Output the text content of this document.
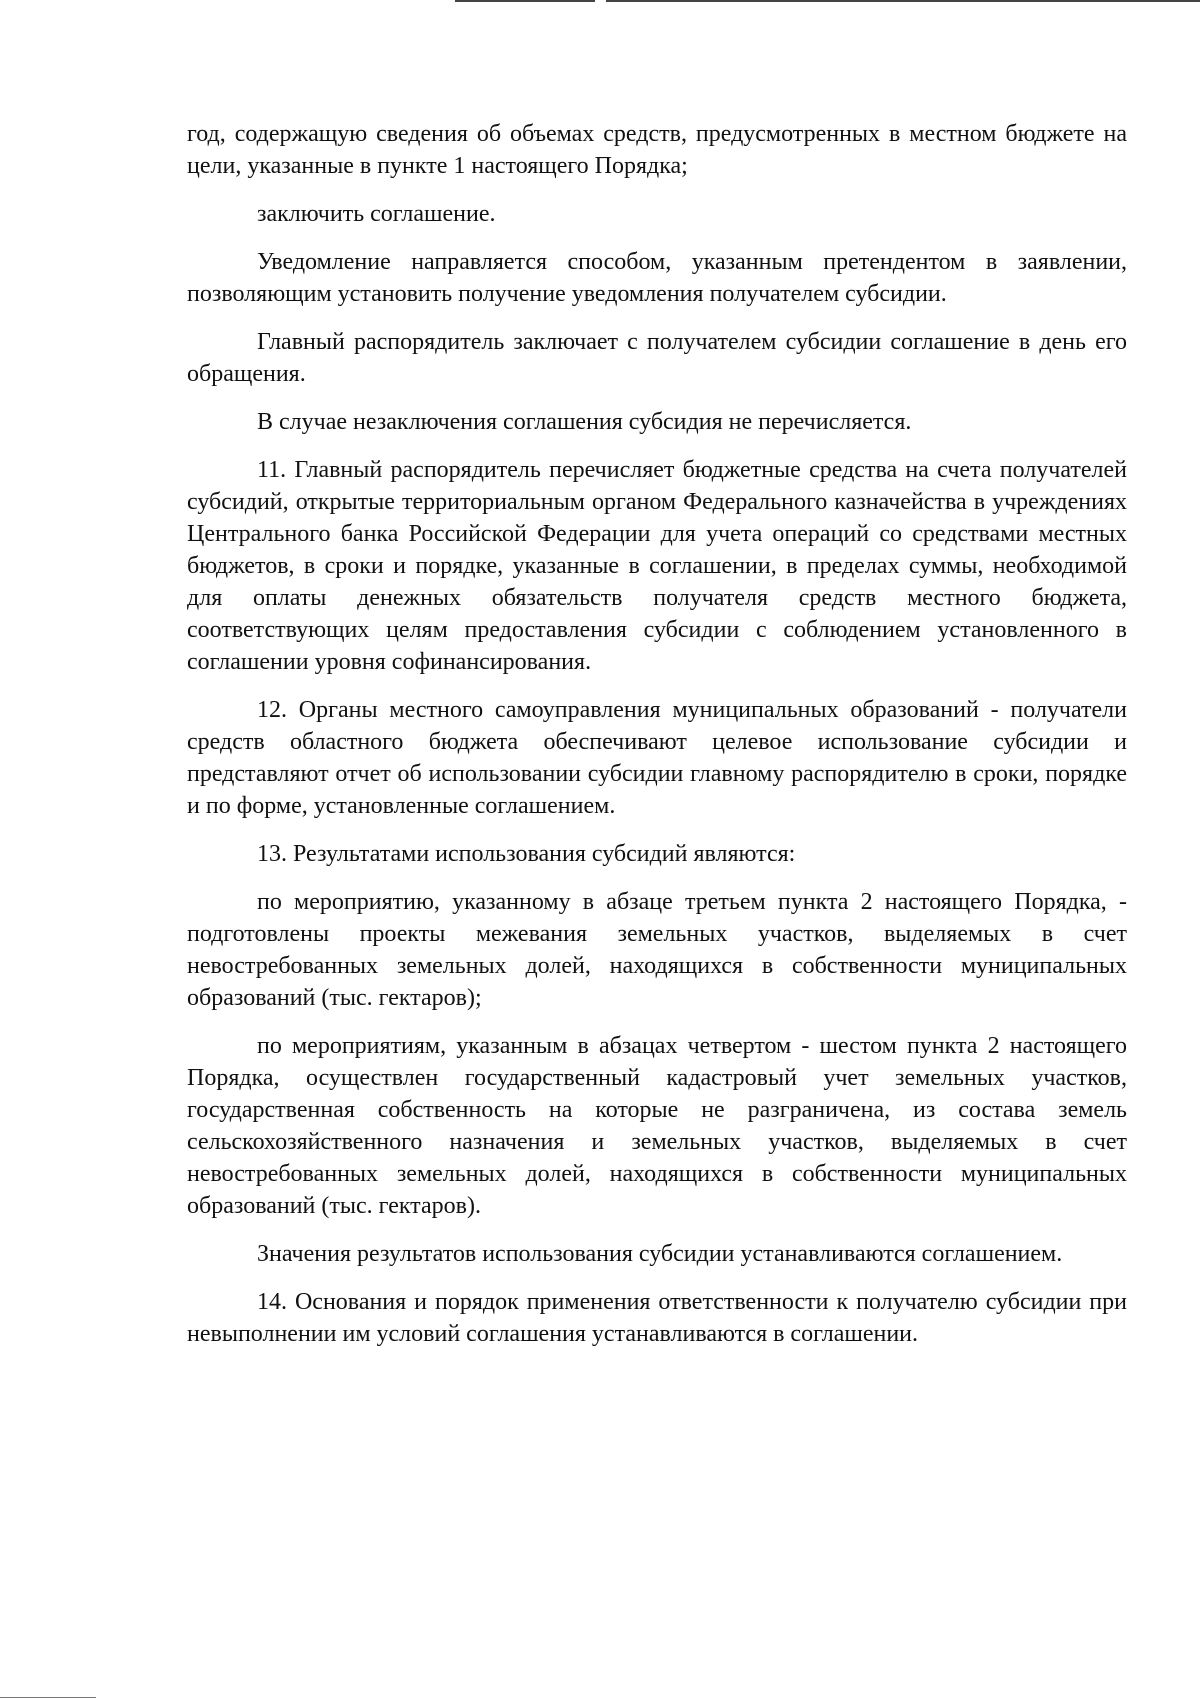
год, содержащую сведения об объемах средств, предусмотренных в местном бюджете на цели, указанные в пункте 1 настоящего Порядка;

заключить соглашение.

Уведомление направляется способом, указанным претендентом в заявлении, позволяющим установить получение уведомления получателем субсидии.

Главный распорядитель заключает с получателем субсидии соглашение в день его обращения.

В случае незаключения соглашения субсидия не перечисляется.

11. Главный распорядитель перечисляет бюджетные средства на счета получателей субсидий, открытые территориальным органом Федерального казначейства в учреждениях Центрального банка Российской Федерации для учета операций со средствами местных бюджетов, в сроки и порядке, указанные в соглашении, в пределах суммы, необходимой для оплаты денежных обязательств получателя средств местного бюджета, соответствующих целям предоставления субсидии с соблюдением установленного в соглашении уровня софинансирования.

12. Органы местного самоуправления муниципальных образований - получатели средств областного бюджета обеспечивают целевое использование субсидии и представляют отчет об использовании субсидии главному распорядителю в сроки, порядке и по форме, установленные соглашением.

13. Результатами использования субсидий являются:

по мероприятию, указанному в абзаце третьем пункта 2 настоящего Порядка, - подготовлены проекты межевания земельных участков, выделяемых в счет невостребованных земельных долей, находящихся в собственности муниципальных образований (тыс. гектаров);

по мероприятиям, указанным в абзацах четвертом - шестом пункта 2 настоящего Порядка, осуществлен государственный кадастровый учет земельных участков, государственная собственность на которые не разграничена, из состава земель сельскохозяйственного назначения и земельных участков, выделяемых в счет невостребованных земельных долей, находящихся в собственности муниципальных образований (тыс. гектаров).

Значения результатов использования субсидии устанавливаются соглашением.

14. Основания и порядок применения ответственности к получателю субсидии при невыполнении им условий соглашения устанавливаются в соглашении.
